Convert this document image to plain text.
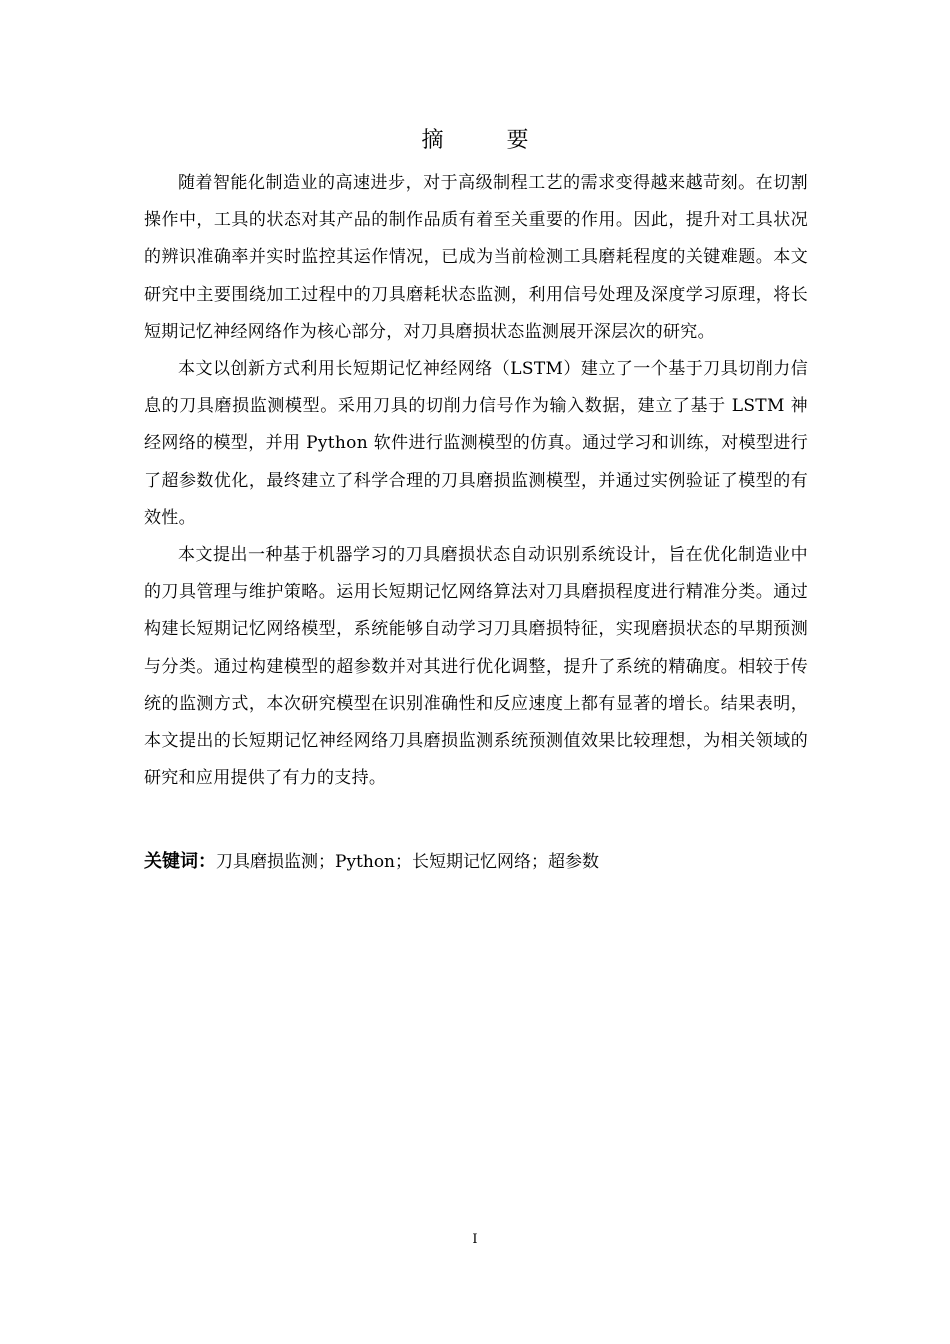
摘 要

随着智能化制造业的高速进步，对于高级制程工艺的需求变得越来越苛刻。在切割操作中，工具的状态对其产品的制作品质有着至关重要的作用。因此，提升对工具状况的辨识准确率并实时监控其运作情况，已成为当前检测工具磨耗程度的关键难题。本文研究中主要围绕加工过程中的刀具磨耗状态监测，利用信号处理及深度学习原理，将长短期记忆神经网络作为核心部分，对刀具磨损状态监测展开深层次的研究。

本文以创新方式利用长短期记忆神经网络（LSTM）建立了一个基于刀具切削力信息的刀具磨损监测模型。采用刀具的切削力信号作为输入数据，建立了基于 LSTM 神经网络的模型，并用 Python 软件进行监测模型的仿真。通过学习和训练，对模型进行了超参数优化，最终建立了科学合理的刀具磨损监测模型，并通过实例验证了模型的有效性。

本文提出一种基于机器学习的刀具磨损状态自动识别系统设计，旨在优化制造业中的刀具管理与维护策略。运用长短期记忆网络算法对刀具磨损程度进行精准分类。通过构建长短期记忆网络模型，系统能够自动学习刀具磨损特征，实现磨损状态的早期预测与分类。通过构建模型的超参数并对其进行优化调整，提升了系统的精确度。相较于传统的监测方式，本次研究模型在识别准确性和反应速度上都有显著的增长。结果表明，本文提出的长短期记忆神经网络刀具磨损监测系统预测值效果比较理想，为相关领域的研究和应用提供了有力的支持。

关键词：刀具磨损监测；Python；长短期记忆网络；超参数

I
